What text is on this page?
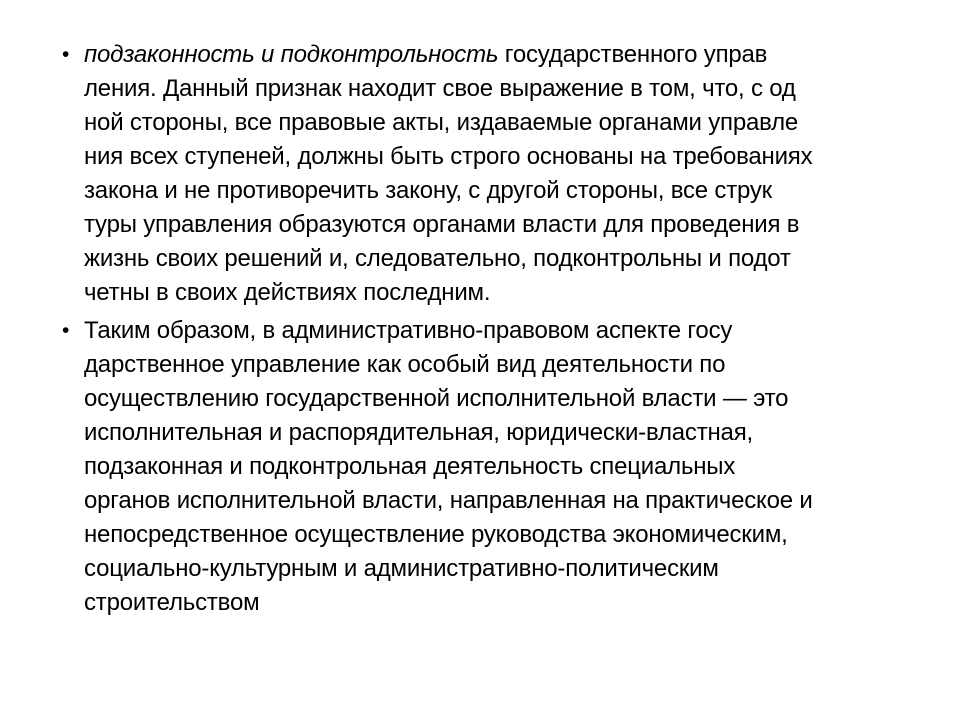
• подзаконность и подконтрольность государственного управ
ления. Данный признак находит свое выражение в том, что, с од
ной стороны, все правовые акты, издаваемые органами управле
ния всех ступеней, должны быть строго основаны на требованиях
закона и не противоречить закону, с другой стороны, все струк
туры управления образуются органами власти для проведения в
жизнь своих решений и, следовательно, подконтрольны и подот
четны в своих действиях последним.
• Таким образом, в административно-правовом аспекте госу
дарственное управление как особый вид деятельности по
осуществлению государственной исполнительной власти — это
исполнительная и распорядительная, юридически-властная,
подзаконная и подконтрольная деятельность специальных
органов исполнительной власти, направленная на практическое и
непосредственное осуществление руководства экономическим,
социально-культурным и административно-политическим
строительством
